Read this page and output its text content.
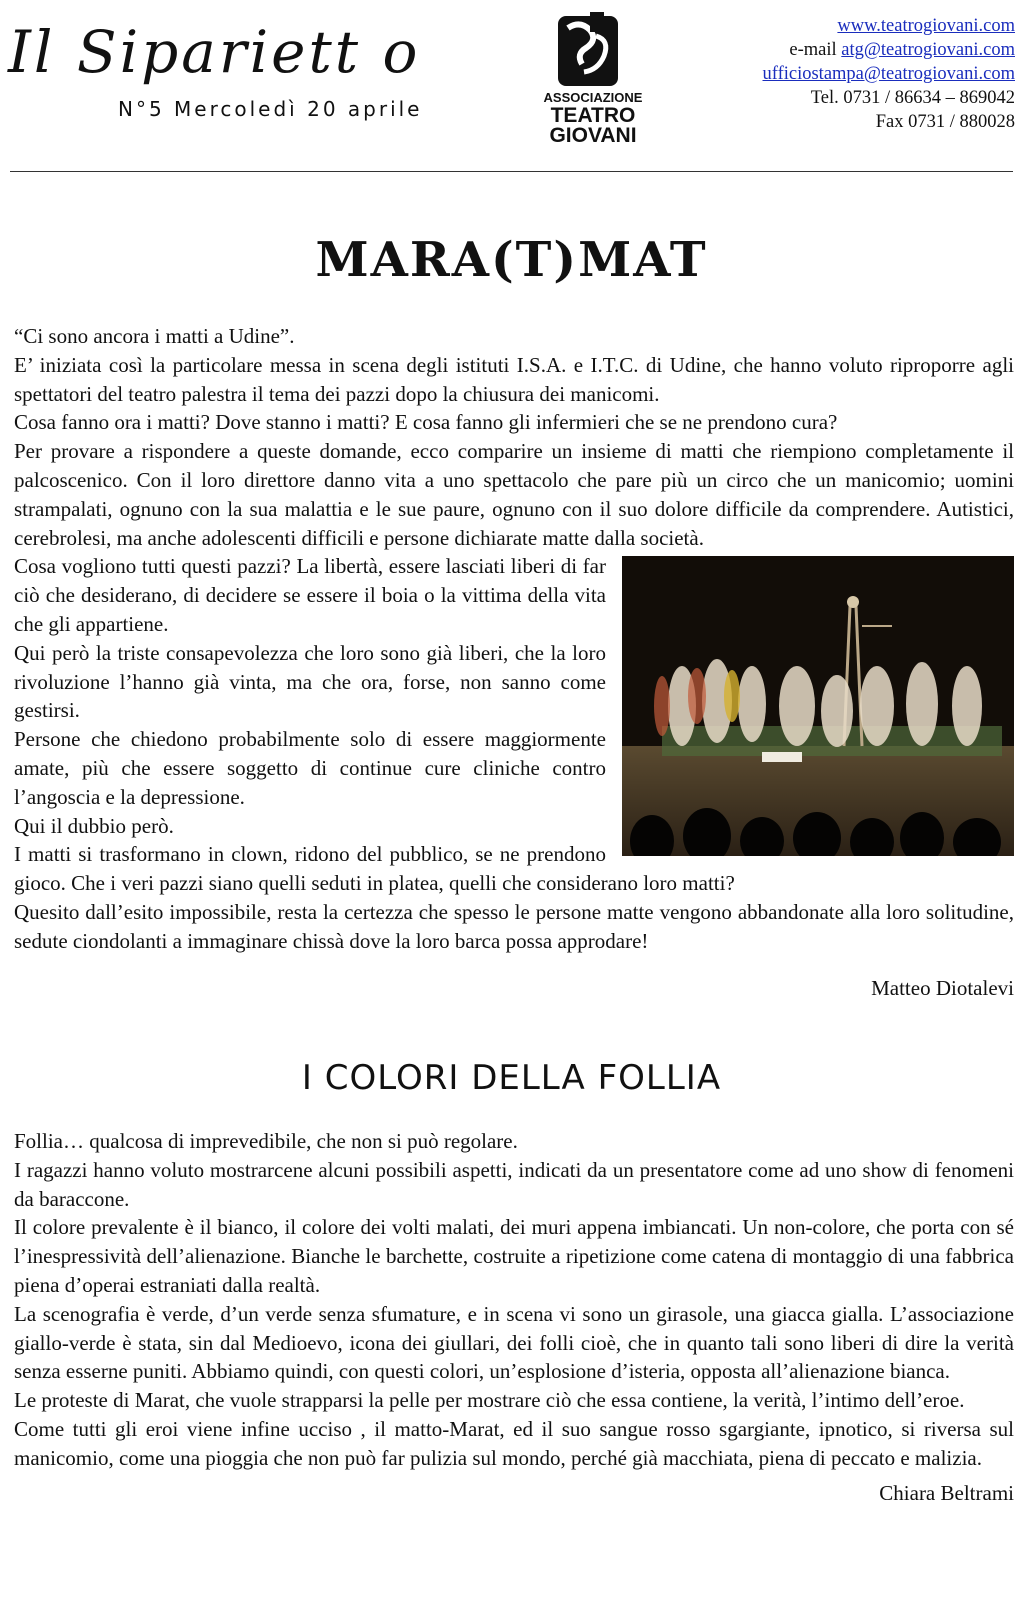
Il Sipariett o
N°5 Mercoledì 20 aprile	ASSOCIAZIONE
TEATRO
GIOVANI
www.teatrogiovani.com
e-mail atg@teatrogiovani.com
ufficiostampa@teatrogiovani.com
Tel. 0731 / 86634 – 869042
Fax 0731 / 880028
MARA(T)MAT

“Ci sono ancora i matti a Udine”.

E’ iniziata così la particolare messa in scena degli istituti I.S.A. e I.T.C. di Udine, che hanno voluto riproporre agli spettatori del teatro palestra il tema dei pazzi dopo la chiusura dei manicomi.

Cosa fanno ora i matti? Dove stanno i matti? E cosa fanno gli infermieri che se ne prendono cura?

Per provare a rispondere a queste domande, ecco comparire un insieme di matti che riempiono completamente il palcoscenico. Con il loro direttore danno vita a uno spettacolo che pare più un circo che un manicomio; uomini strampalati, ognuno con la sua malattia e le sue paure, ognuno con il suo dolore difficile da comprendere. Autistici, cerebrolesi, ma anche adolescenti difficili e persone dichiarate matte dalla società.

Cosa vogliono tutti questi pazzi? La libertà, essere lasciati liberi di far ciò che desiderano, di decidere se essere il boia o la vittima della vita che gli appartiene.

Qui però la triste consapevolezza che loro sono già liberi, che la loro rivoluzione l’hanno già vinta, ma che ora, forse, non sanno come gestirsi.

Persone che chiedono probabilmente solo di essere maggiormente amate, più che essere soggetto di continue cure cliniche contro l’angoscia e la depressione.

Qui il dubbio però.

I matti si trasformano in clown, ridono del pubblico, se ne prendono gioco. Che i veri pazzi siano quelli seduti in platea, quelli che considerano loro matti?

Quesito dall’esito impossibile, resta la certezza che spesso le persone matte vengono abbandonate alla loro solitudine, sedute ciondolanti a immaginare chissà dove la loro barca possa approdare!

Matteo Diotalevi

I COLORI DELLA FOLLIA

Follia… qualcosa di imprevedibile, che non si può regolare.

I ragazzi hanno voluto mostrarcene alcuni possibili aspetti, indicati da un presentatore come ad uno show di fenomeni da baraccone.

Il colore prevalente è il bianco, il colore dei volti malati, dei muri appena imbiancati. Un non-colore, che porta con sé l’inespressività dell’alienazione. Bianche le barchette, costruite a ripetizione come catena di montaggio di una fabbrica piena d’operai estraniati dalla realtà.

La scenografia è verde, d’un verde senza sfumature, e in scena vi sono un girasole, una giacca gialla. L’associazione giallo-verde è stata, sin dal Medioevo, icona dei giullari, dei folli cioè, che in quanto tali sono liberi di dire la verità senza esserne puniti. Abbiamo quindi, con questi colori, un’esplosione d’isteria, opposta all’alienazione bianca.

Le proteste di Marat, che vuole strapparsi la pelle per mostrare ciò che essa contiene, la verità, l’intimo dell’eroe.

Come tutti gli eroi viene infine ucciso , il matto-Marat, ed il suo sangue rosso sgargiante, ipnotico, si riversa sul manicomio, come una pioggia che non può far pulizia sul mondo, perché già macchiata, piena di peccato e malizia.

Chiara Beltrami
